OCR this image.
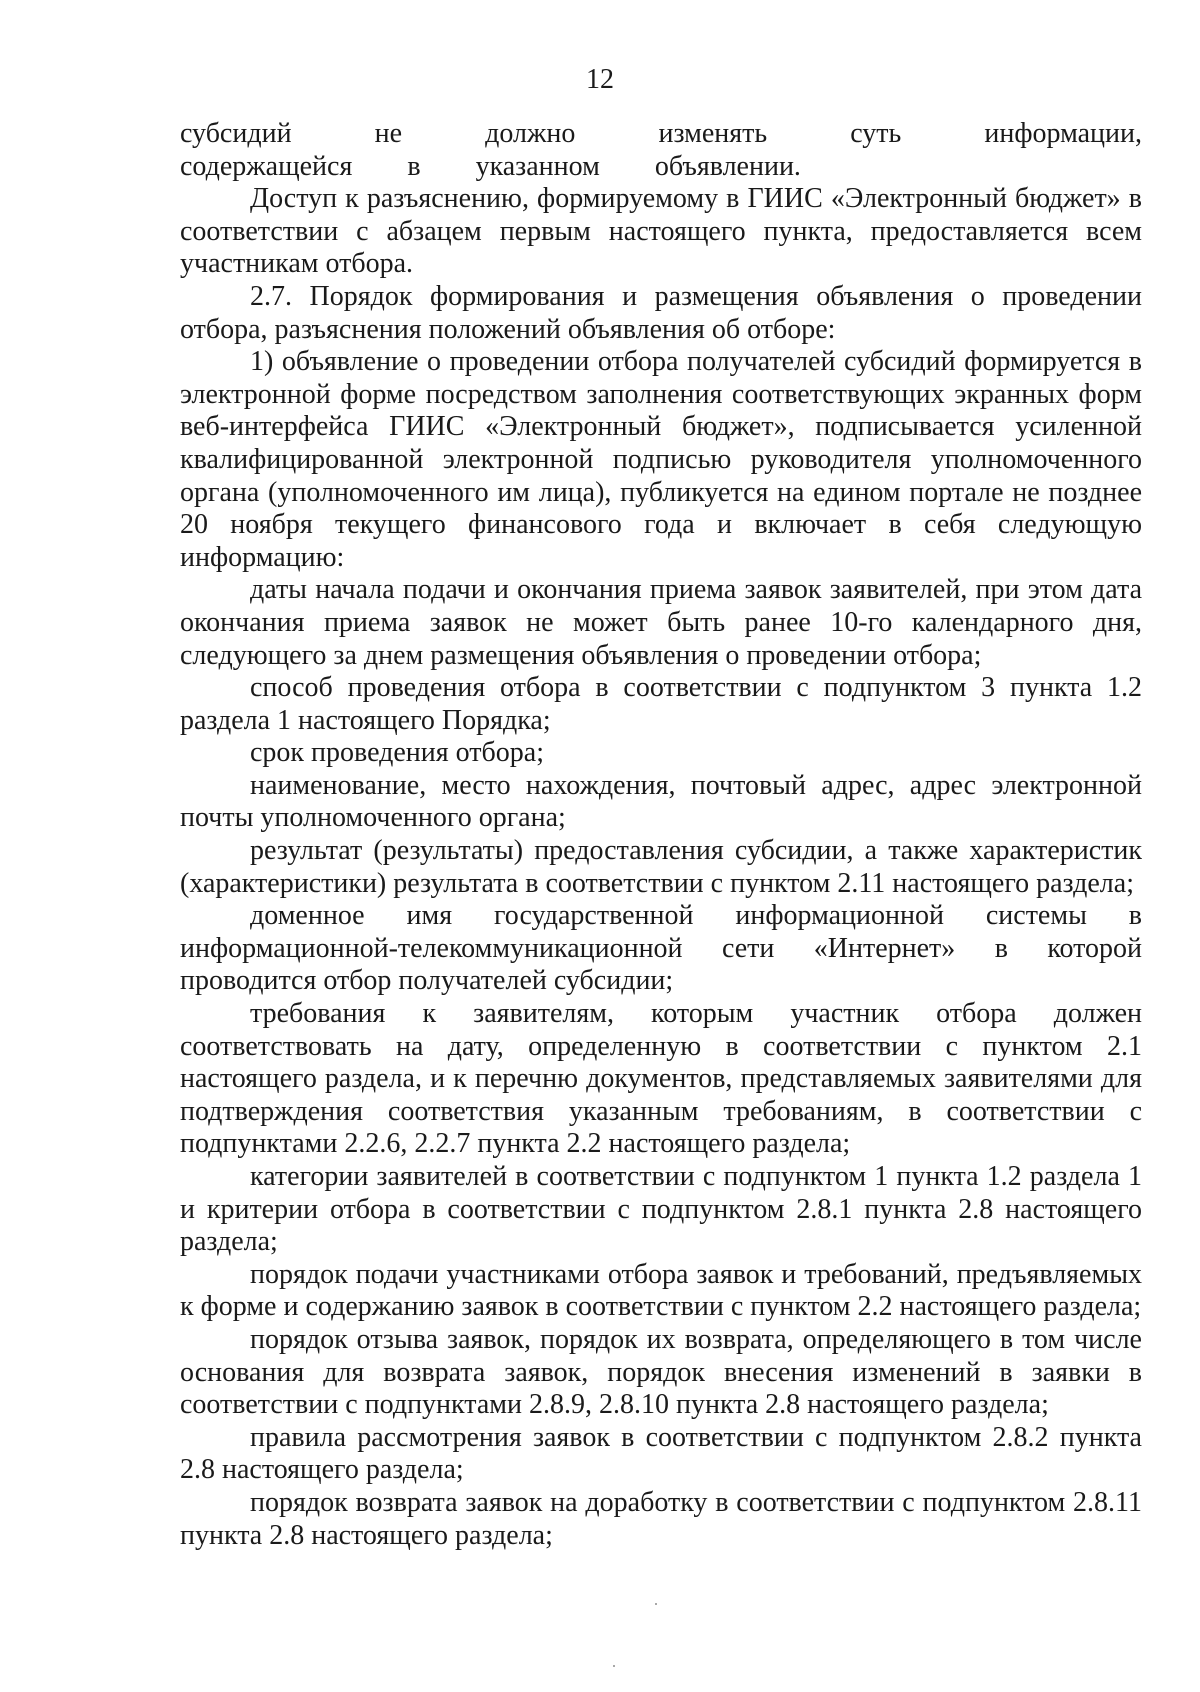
12

субсидий не должно изменять суть информации, содержащейся в указанном объявлении.

Доступ к разъяснению, формируемому в ГИИС «Электронный бюджет» в соответствии с абзацем первым настоящего пункта, предоставляется всем участникам отбора.

2.7. Порядок формирования и размещения объявления о проведении отбора, разъяснения положений объявления об отборе:

1) объявление о проведении отбора получателей субсидий формируется в электронной форме посредством заполнения соответствующих экранных форм веб-интерфейса ГИИС «Электронный бюджет», подписывается усиленной квалифицированной электронной подписью руководителя уполномоченного органа (уполномоченного им лица), публикуется на едином портале не позднее 20 ноября текущего финансового года и включает в себя следующую информацию:

даты начала подачи и окончания приема заявок заявителей, при этом дата окончания приема заявок не может быть ранее 10-го календарного дня, следующего за днем размещения объявления о проведении отбора;

способ проведения отбора в соответствии с подпунктом 3 пункта 1.2 раздела 1 настоящего Порядка;

срок проведения отбора;

наименование, место нахождения, почтовый адрес, адрес электронной почты уполномоченного органа;

результат (результаты) предоставления субсидии, а также характеристик (характеристики) результата в соответствии с пунктом 2.11 настоящего раздела;

доменное имя государственной информационной системы в информационной-телекоммуникационной сети «Интернет» в которой проводится отбор получателей субсидии;

требования к заявителям, которым участник отбора должен соответствовать на дату, определенную в соответствии с пунктом 2.1 настоящего раздела, и к перечню документов, представляемых заявителями для подтверждения соответствия указанным требованиям, в соответствии с подпунктами 2.2.6, 2.2.7 пункта 2.2 настоящего раздела;

категории заявителей в соответствии с подпунктом 1 пункта 1.2 раздела 1 и критерии отбора в соответствии с подпунктом 2.8.1 пункта 2.8 настоящего раздела;

порядок подачи участниками отбора заявок и требований, предъявляемых к форме и содержанию заявок в соответствии с пунктом 2.2 настоящего раздела;

порядок отзыва заявок, порядок их возврата, определяющего в том числе основания для возврата заявок, порядок внесения изменений в заявки в соответствии с подпунктами 2.8.9, 2.8.10 пункта 2.8 настоящего раздела;

правила рассмотрения заявок в соответствии с подпунктом 2.8.2 пункта 2.8 настоящего раздела;

порядок возврата заявок на доработку в соответствии с подпунктом 2.8.11 пункта 2.8 настоящего раздела;
